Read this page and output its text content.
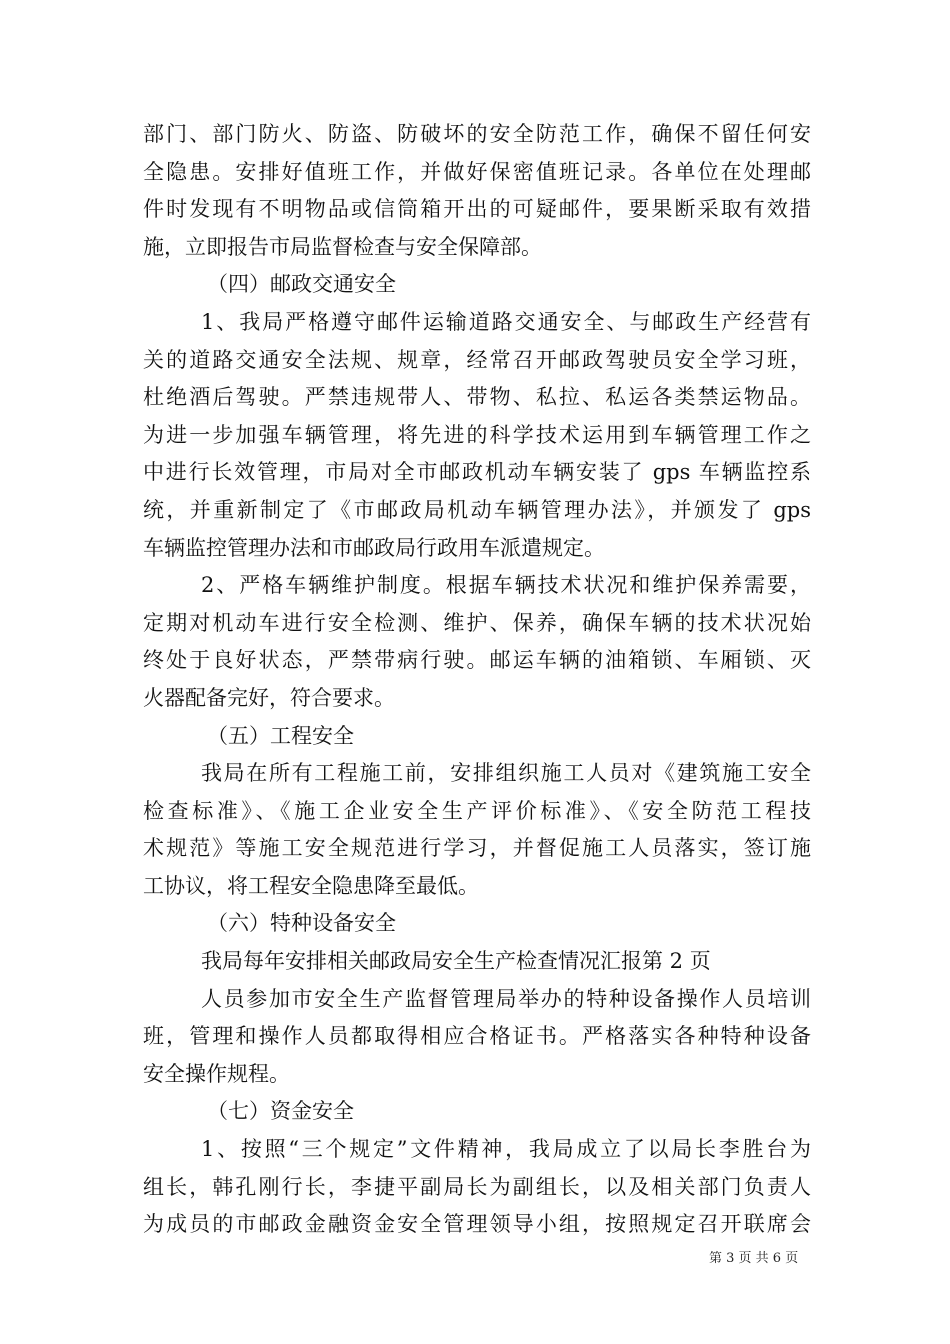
部门、部门防火、防盗、防破坏的安全防范工作，确保不留任何安
全隐患。安排好值班工作，并做好保密值班记录。各单位在处理邮
件时发现有不明物品或信筒箱开出的可疑邮件，要果断采取有效措
施，立即报告市局监督检查与安全保障部。
（四）邮政交通安全
1、我局严格遵守邮件运输道路交通安全、与邮政生产经营有
关的道路交通安全法规、规章，经常召开邮政驾驶员安全学习班，
杜绝酒后驾驶。严禁违规带人、带物、私拉、私运各类禁运物品。
为进一步加强车辆管理，将先进的科学技术运用到车辆管理工作之
中进行长效管理，市局对全市邮政机动车辆安装了 gps 车辆监控系
统，并重新制定了《市邮政局机动车辆管理办法》，并颁发了 gps
车辆监控管理办法和市邮政局行政用车派遣规定。
2、严格车辆维护制度。根据车辆技术状况和维护保养需要，
定期对机动车进行安全检测、维护、保养，确保车辆的技术状况始
终处于良好状态，严禁带病行驶。邮运车辆的油箱锁、车厢锁、灭
火器配备完好，符合要求。
（五）工程安全
我局在所有工程施工前，安排组织施工人员对《建筑施工安全
检查标准》、《施工企业安全生产评价标准》、《安全防范工程技
术规范》等施工安全规范进行学习，并督促施工人员落实，签订施
工协议，将工程安全隐患降至最低。
（六）特种设备安全
我局每年安排相关邮政局安全生产检查情况汇报第 2 页
人员参加市安全生产监督管理局举办的特种设备操作人员培训
班，管理和操作人员都取得相应合格证书。严格落实各种特种设备
安全操作规程。
（七）资金安全
1、按照“三个规定”文件精神，我局成立了以局长李胜台为
组长，韩孔刚行长，李捷平副局长为副组长，以及相关部门负责人
为成员的市邮政金融资金安全管理领导小组，按照规定召开联席会
第 3 页 共 6 页
